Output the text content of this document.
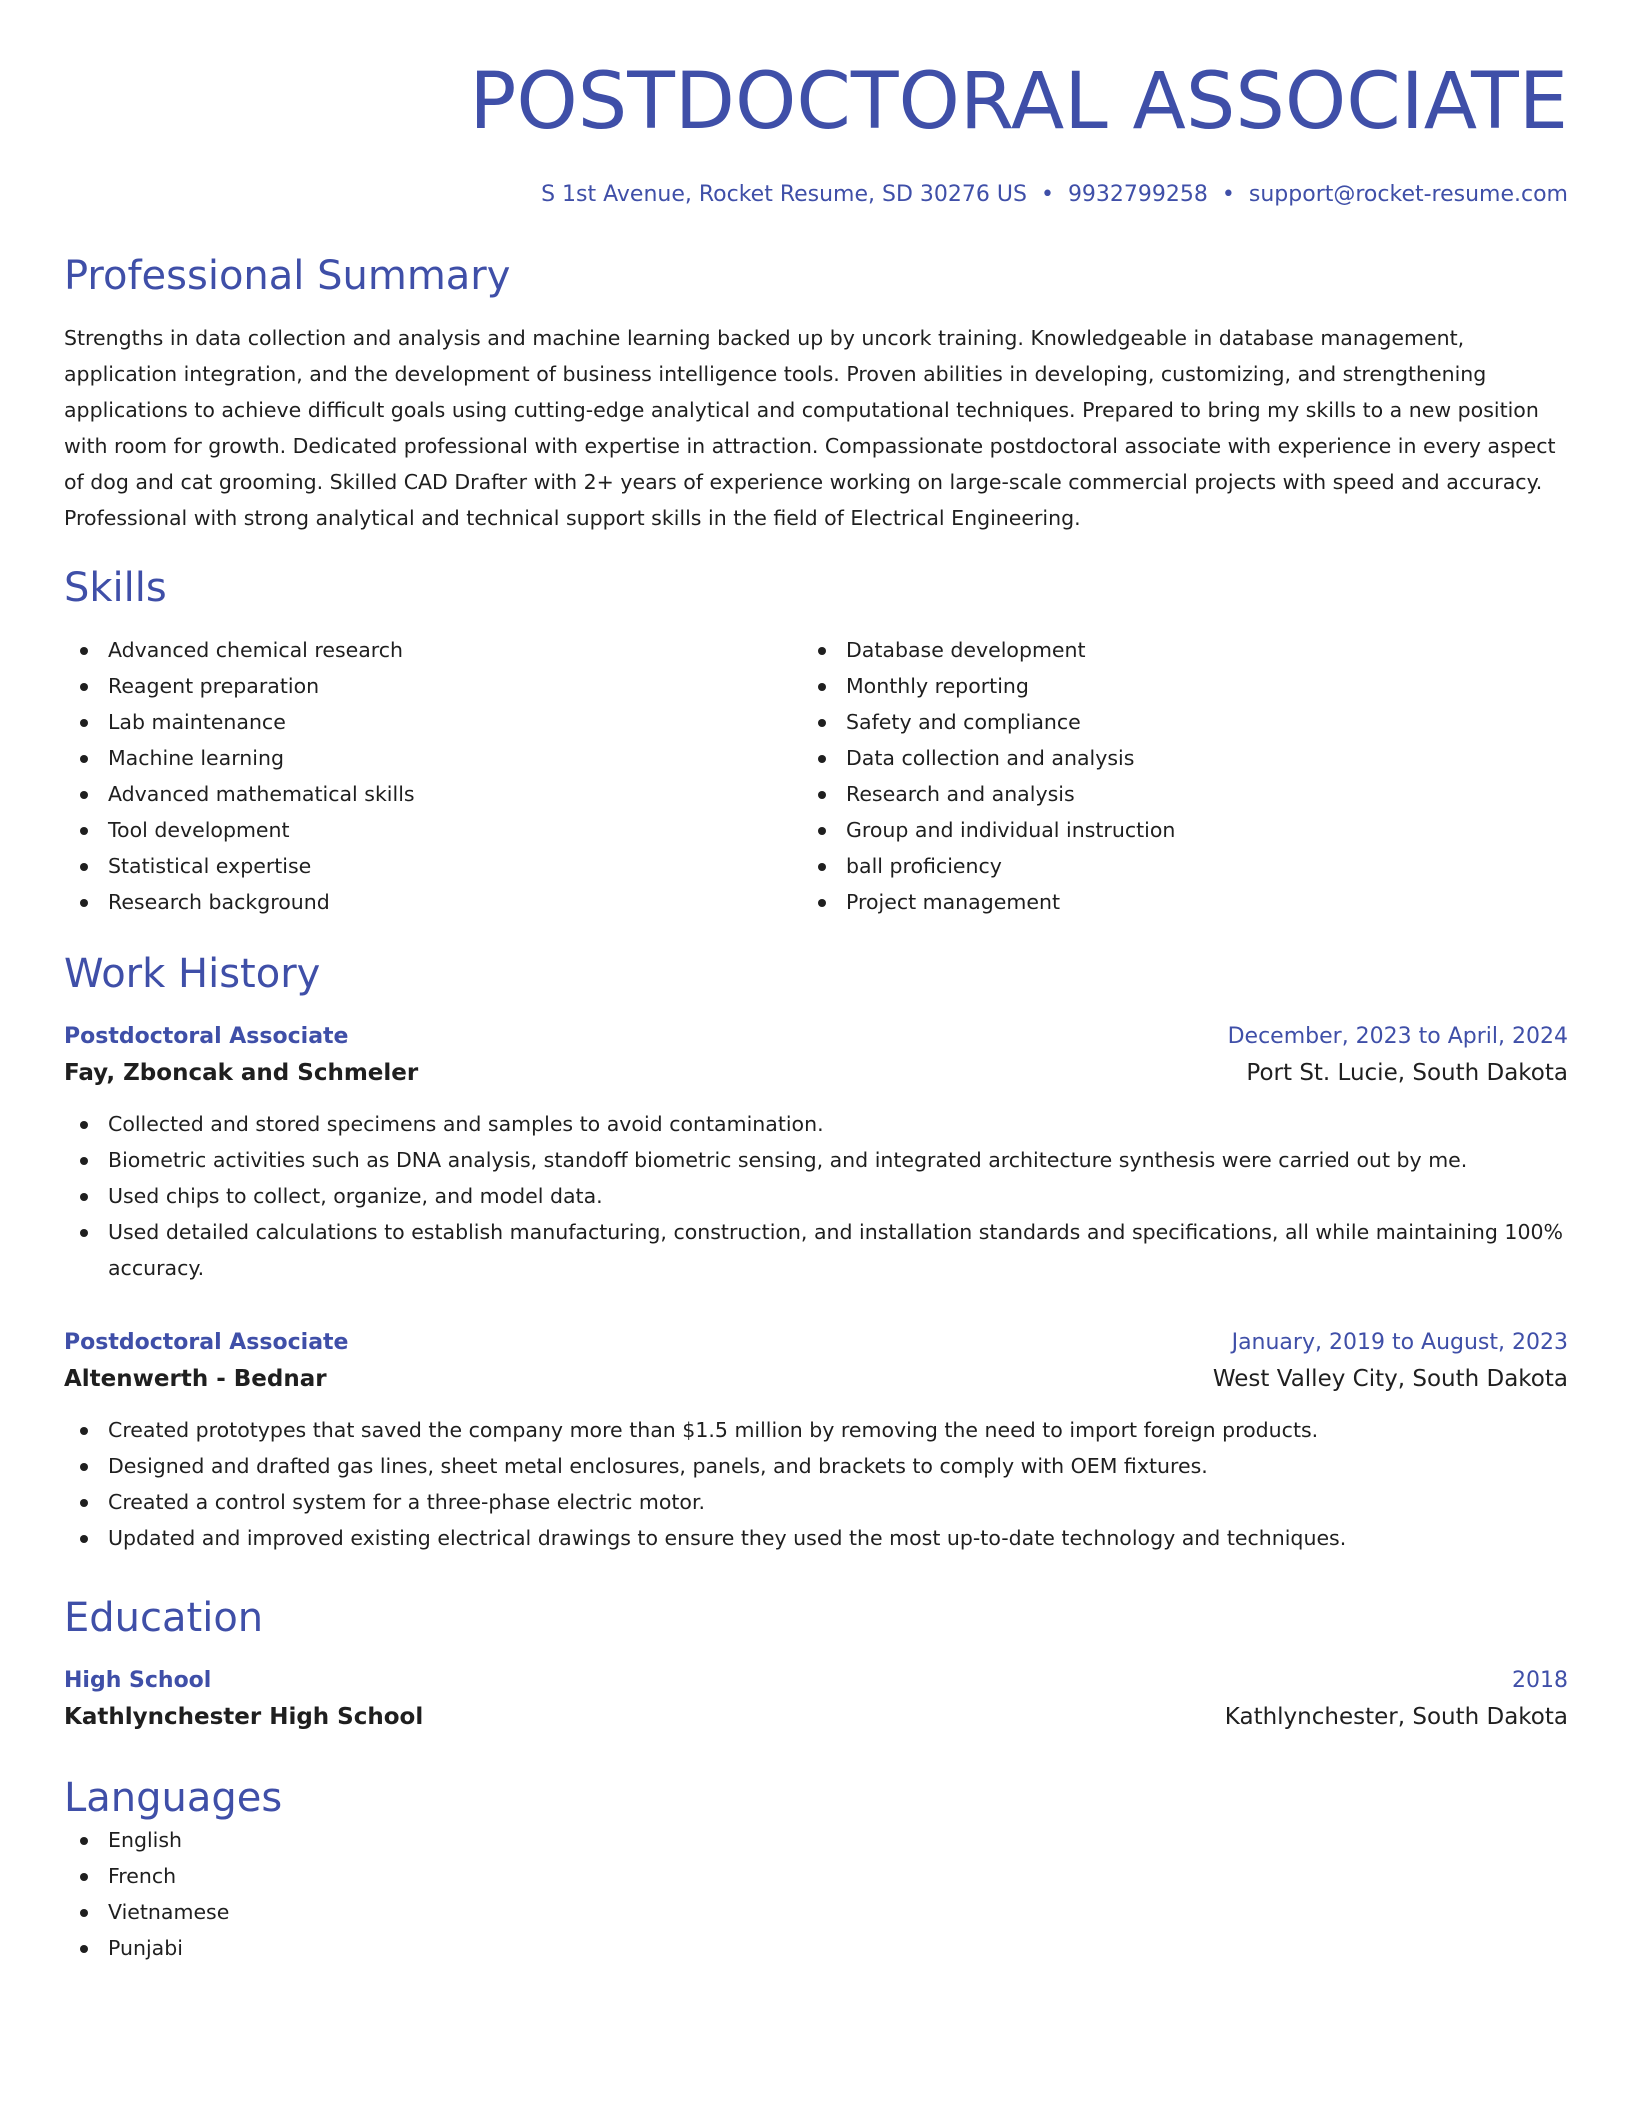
POSTDOCTORAL ASSOCIATE
S 1st Avenue, Rocket Resume, SD 30276 US • 9932799258 • support@rocket-resume.com
Professional Summary
Strengths in data collection and analysis and machine learning backed up by uncork training. Knowledgeable in database management, application integration, and the development of business intelligence tools. Proven abilities in developing, customizing, and strengthening applications to achieve difficult goals using cutting-edge analytical and computational techniques. Prepared to bring my skills to a new position with room for growth. Dedicated professional with expertise in attraction. Compassionate postdoctoral associate with experience in every aspect of dog and cat grooming. Skilled CAD Drafter with 2+ years of experience working on large-scale commercial projects with speed and accuracy. Professional with strong analytical and technical support skills in the field of Electrical Engineering.
Skills
Advanced chemical research
Reagent preparation
Lab maintenance
Machine learning
Advanced mathematical skills
Tool development
Statistical expertise
Research background
Database development
Monthly reporting
Safety and compliance
Data collection and analysis
Research and analysis
Group and individual instruction
ball proficiency
Project management
Work History
Postdoctoral Associate	December, 2023 to April, 2024
Fay, Zboncak and Schmeler	Port St. Lucie, South Dakota
Collected and stored specimens and samples to avoid contamination.
Biometric activities such as DNA analysis, standoff biometric sensing, and integrated architecture synthesis were carried out by me.
Used chips to collect, organize, and model data.
Used detailed calculations to establish manufacturing, construction, and installation standards and specifications, all while maintaining 100% accuracy.
Postdoctoral Associate	January, 2019 to August, 2023
Altenwerth - Bednar	West Valley City, South Dakota
Created prototypes that saved the company more than $1.5 million by removing the need to import foreign products.
Designed and drafted gas lines, sheet metal enclosures, panels, and brackets to comply with OEM fixtures.
Created a control system for a three-phase electric motor.
Updated and improved existing electrical drawings to ensure they used the most up-to-date technology and techniques.
Education
High School	2018
Kathlynchester High School	Kathlynchester, South Dakota
Languages
English
French
Vietnamese
Punjabi
